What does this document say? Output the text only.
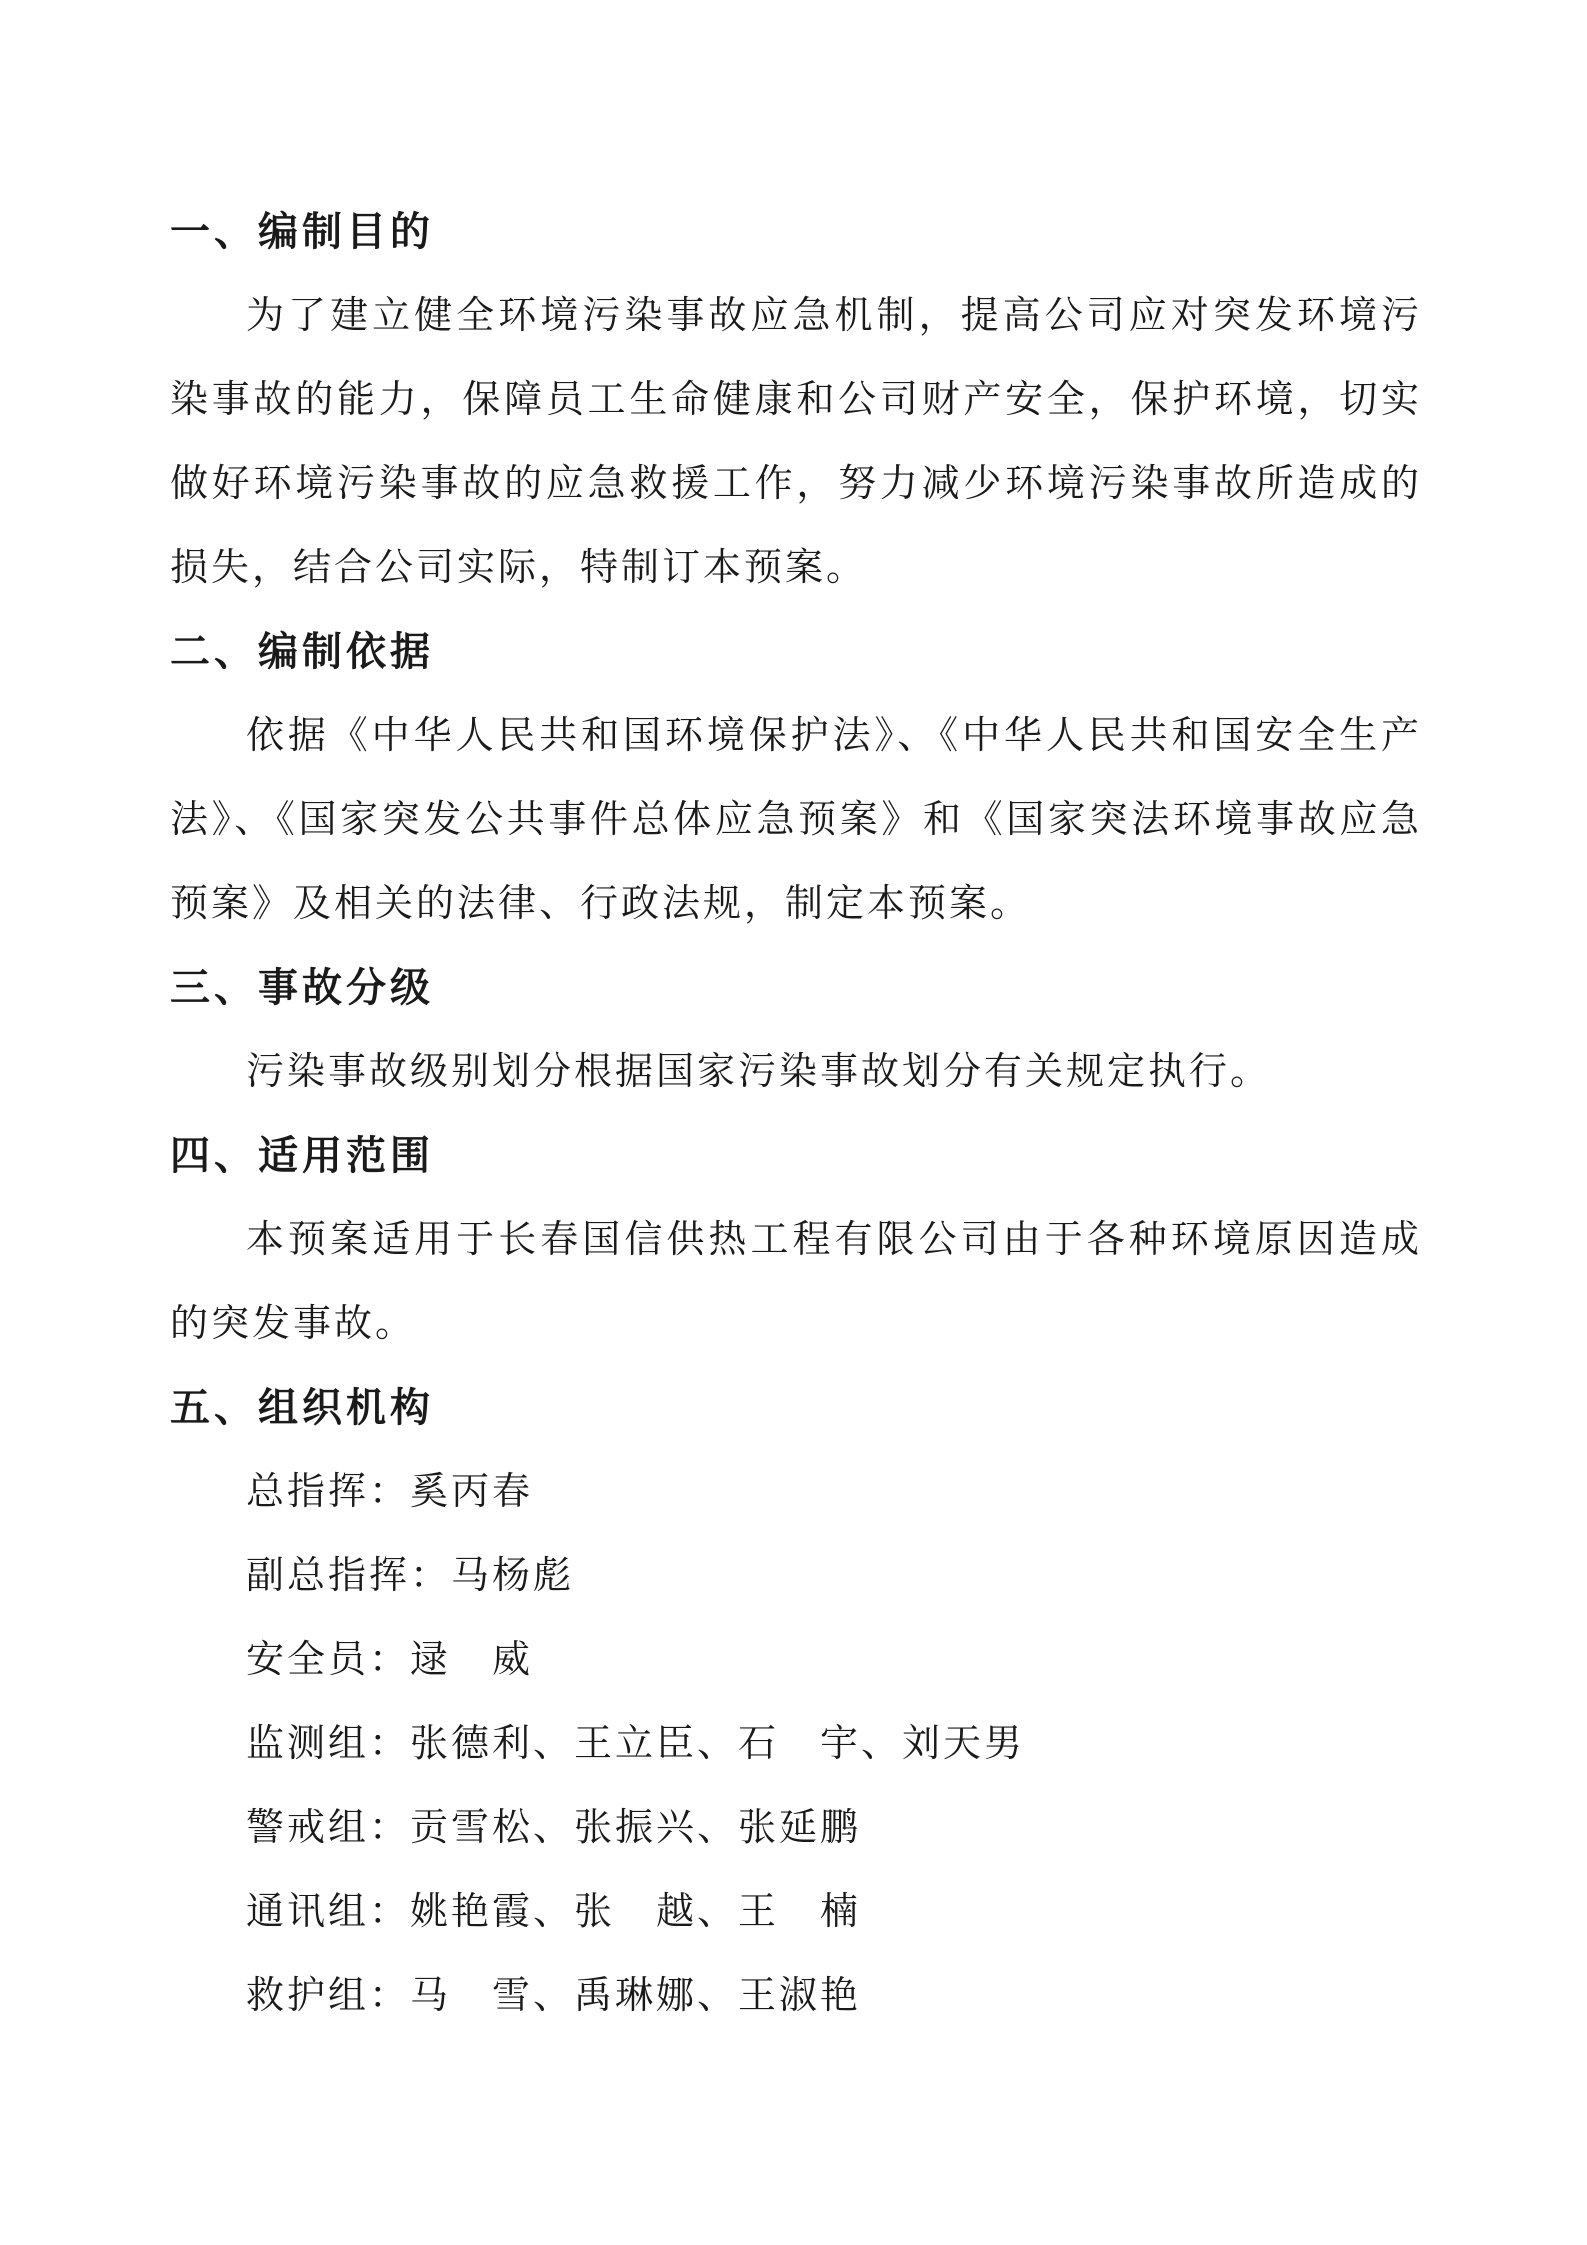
一、编制目的

为了建立健全环境污染事故应急机制，提高公司应对突发环境污染事故的能力，保障员工生命健康和公司财产安全，保护环境，切实做好环境污染事故的应急救援工作，努力减少环境污染事故所造成的损失，结合公司实际，特制订本预案。

二、编制依据

依据《中华人民共和国环境保护法》、《中华人民共和国安全生产法》、《国家突发公共事件总体应急预案》和《国家突法环境事故应急预案》及相关的法律、行政法规，制定本预案。

三、事故分级

污染事故级别划分根据国家污染事故划分有关规定执行。

四、适用范围

本预案适用于长春国信供热工程有限公司由于各种环境原因造成的突发事故。

五、组织机构

总指挥：奚丙春

副总指挥：马杨彪

安全员：逯　威

监测组：张德利、王立臣、石　宇、刘天男

警戒组：贡雪松、张振兴、张延鹏

通讯组：姚艳霞、张　越、王　楠

救护组：马　雪、禹琳娜、王淑艳
